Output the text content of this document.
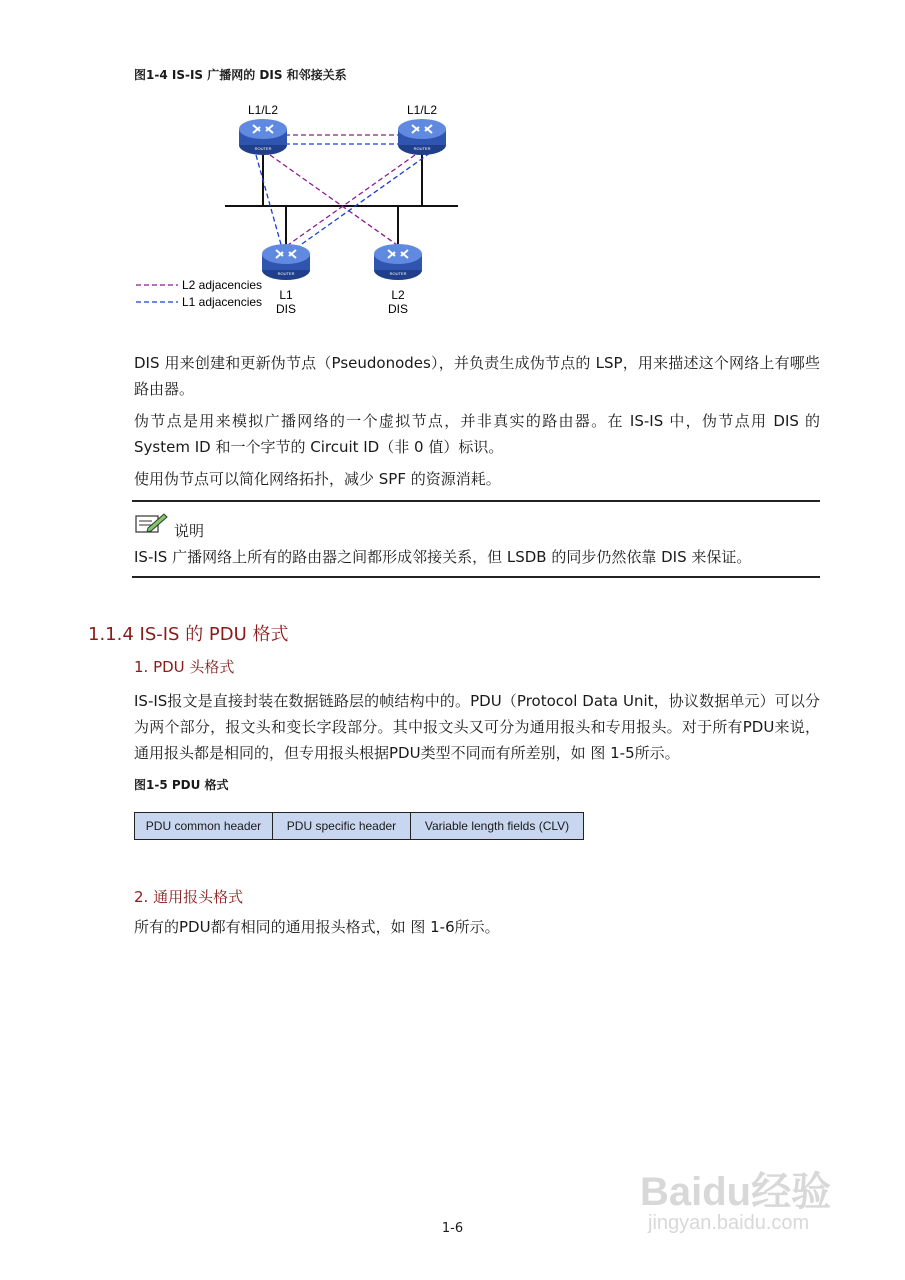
图1-4 IS-IS 广播网的 DIS 和邻接关系
ROUTER	ROUTER
ROUTER	ROUTER
L1/L2	L1/L2
L1
DIS
L2
DIS
L2 adjacencies
L1 adjacencies
DIS 用来创建和更新伪节点（Pseudonodes），并负责生成伪节点的 LSP，用来描述这个网络上有哪些路由器。
伪节点是用来模拟广播网络的一个虚拟节点，并非真实的路由器。在 IS-IS 中，伪节点用 DIS 的 System ID 和一个字节的 Circuit ID（非 0 值）标识。
使用伪节点可以简化网络拓扑，减少 SPF 的资源消耗。
说明
IS-IS 广播网络上所有的路由器之间都形成邻接关系，但 LSDB 的同步仍然依靠 DIS 来保证。
1.1.4 IS-IS 的 PDU 格式
1. PDU 头格式
IS-IS报文是直接封装在数据链路层的帧结构中的。PDU（Protocol Data Unit，协议数据单元）可以分为两个部分，报文头和变长字段部分。其中报文头又可分为通用报头和专用报头。对于所有PDU来说，通用报头都是相同的，但专用报头根据PDU类型不同而有所差别，如 图 1-5所示。
图1-5 PDU 格式
PDU common header	PDU specific header	Variable length fields (CLV)
2. 通用报头格式
所有的PDU都有相同的通用报头格式，如 图 1-6所示。
1-6
Baidu经验
jingyan.baidu.com
